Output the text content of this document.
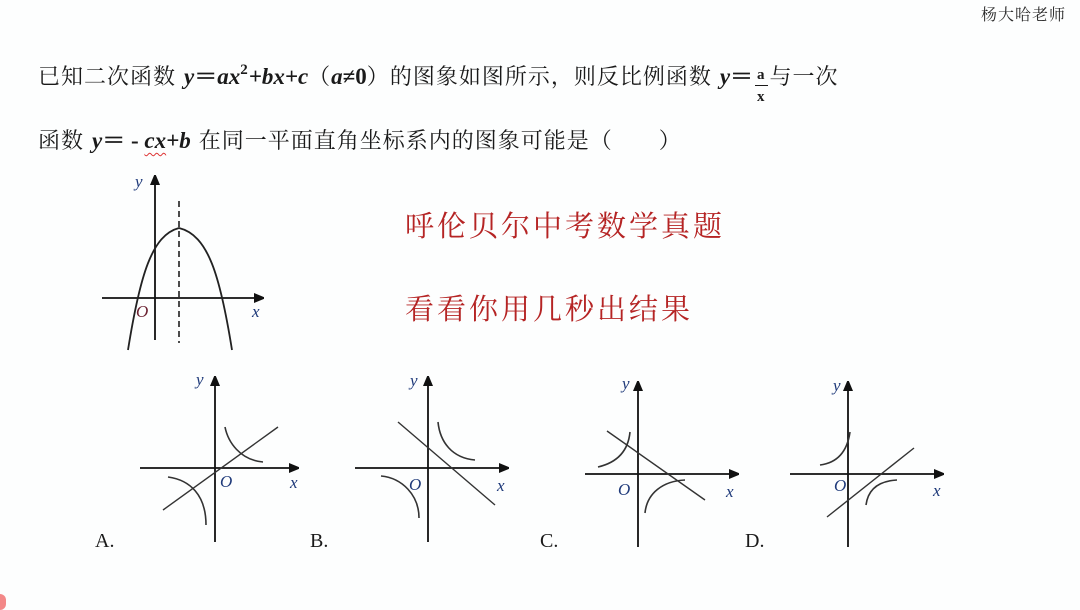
杨大哈老师
已知二次函数 $y=ax^2+bx+c(a\ne 0)$的图象如图所示，则反比例函数 $y= \frac{a}{x}$ 与一次
函数 y＝ - cx+b 在同一平面直角坐标系内的图象可能是（　　）
呼伦贝尔中考数学真题
看看你用几秒出结果
y
x
O
y
x
O
A.
y
x
O
B.
y
x
O
C.
y
x
O
D.
